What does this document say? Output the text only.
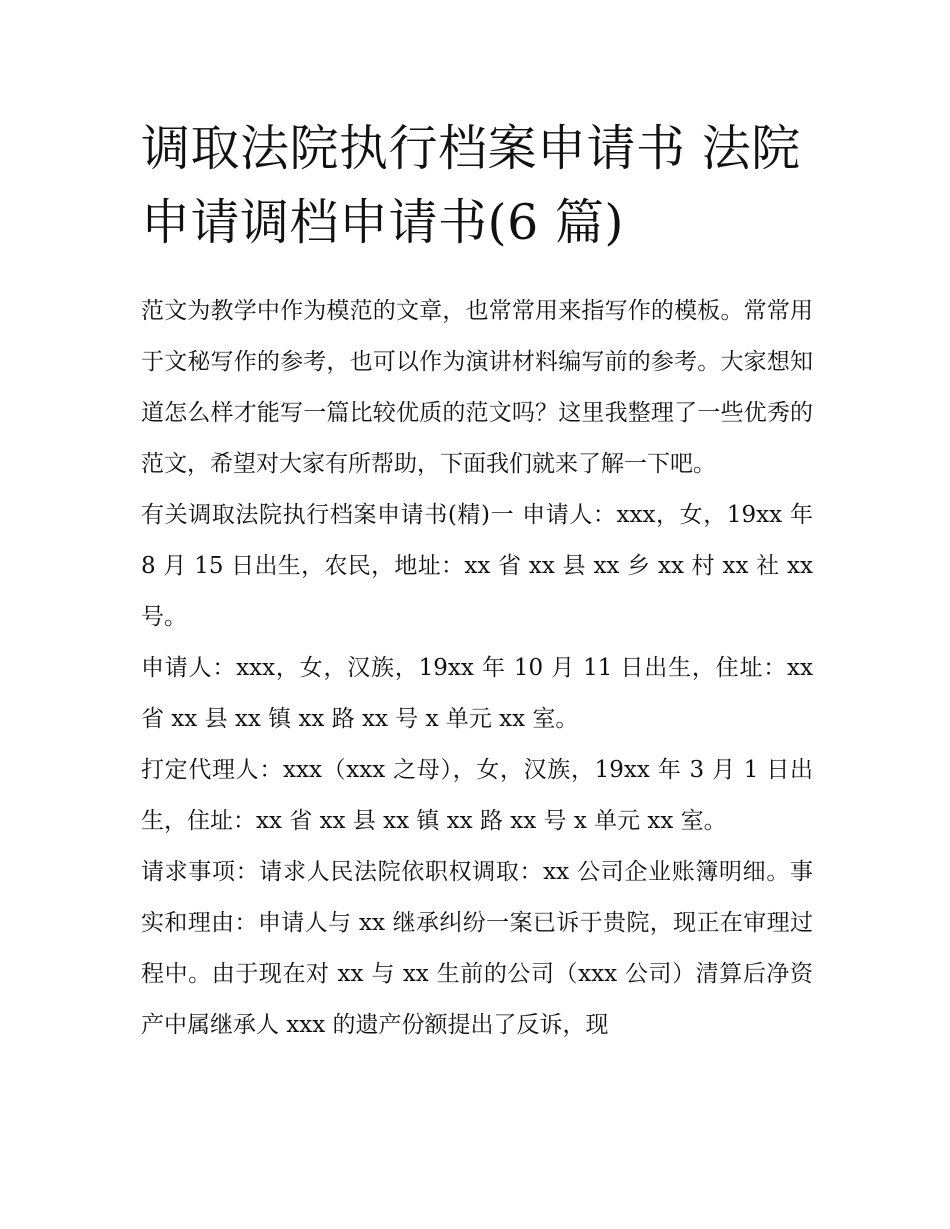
调取法院执行档案申请书 法院申请调档申请书(6 篇)

范文为教学中作为模范的文章，也常常用来指写作的模板。常常用于文秘写作的参考，也可以作为演讲材料编写前的参考。大家想知道怎么样才能写一篇比较优质的范文吗？这里我整理了一些优秀的范文，希望对大家有所帮助，下面我们就来了解一下吧。

有关调取法院执行档案申请书(精)一 申请人：xxx，女，19xx 年 8 月 15 日出生，农民，地址：xx 省 xx 县 xx 乡 xx 村 xx 社 xx 号。

申请人：xxx，女，汉族，19xx 年 10 月 11 日出生，住址：xx 省 xx 县 xx 镇 xx 路 xx 号 x 单元 xx 室。

打定代理人：xxx（xxx 之母），女，汉族，19xx 年 3 月 1 日出生，住址：xx 省 xx 县 xx 镇 xx 路 xx 号 x 单元 xx 室。

请求事项：请求人民法院依职权调取：xx 公司企业账簿明细。事实和理由：申请人与 xx 继承纠纷一案已诉于贵院，现正在审理过程中。由于现在对 xx 与 xx 生前的公司（xxx 公司）清算后净资产中属继承人 xxx 的遗产份额提出了反诉，现
